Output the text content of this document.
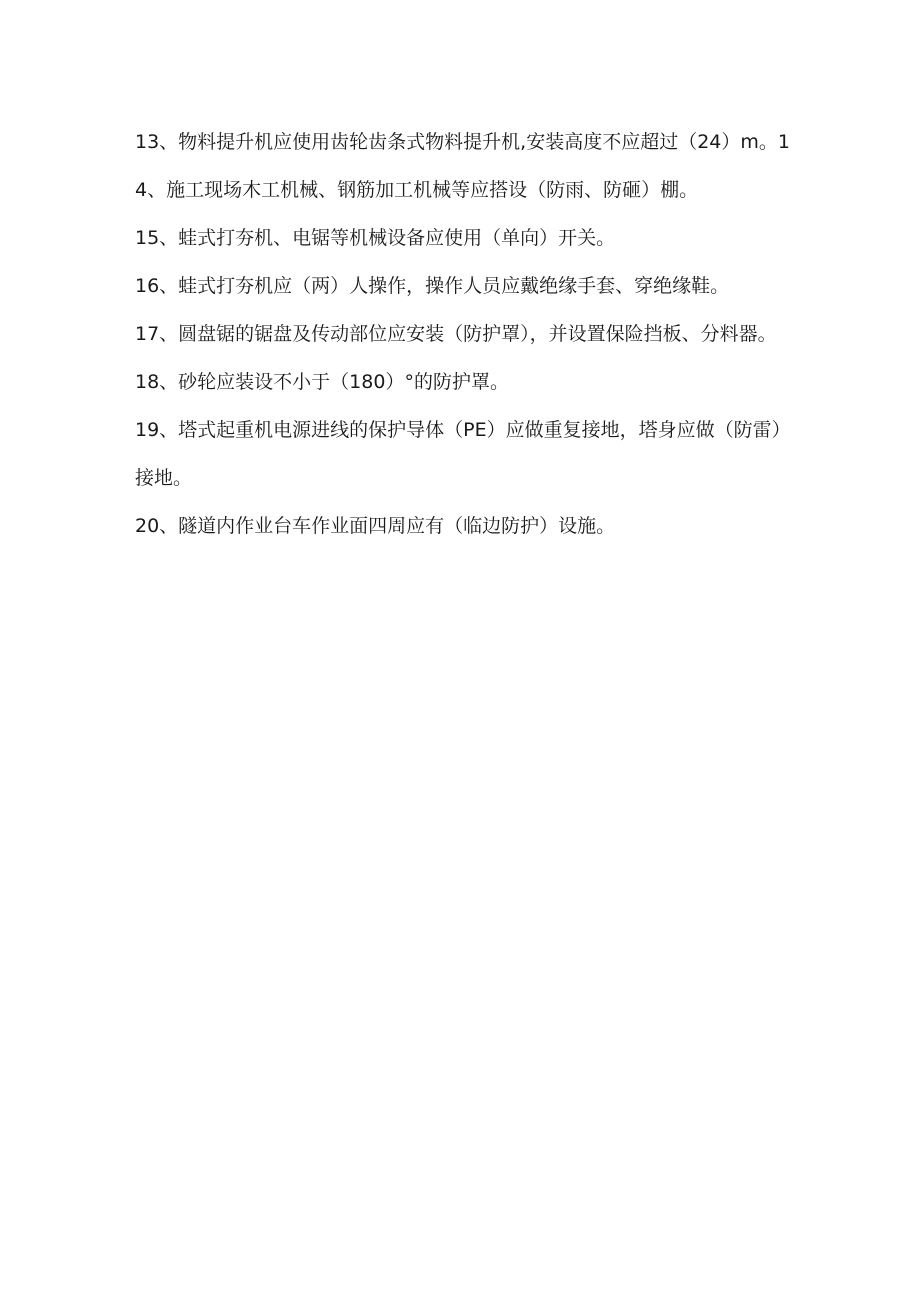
13、物料提升机应使用齿轮齿条式物料提升机,安装高度不应超过（24）m。14、施工现场木工机械、钢筋加工机械等应搭设（防雨、防砸）棚。

15、蛙式打夯机、电锯等机械设备应使用（单向）开关。

16、蛙式打夯机应（两）人操作，操作人员应戴绝缘手套、穿绝缘鞋。

17、圆盘锯的锯盘及传动部位应安装（防护罩），并设置保险挡板、分料器。

18、砂轮应装设不小于（180）°的防护罩。

19、塔式起重机电源进线的保护导体（PE）应做重复接地，塔身应做（防雷）接地。

20、隧道内作业台车作业面四周应有（临边防护）设施。
